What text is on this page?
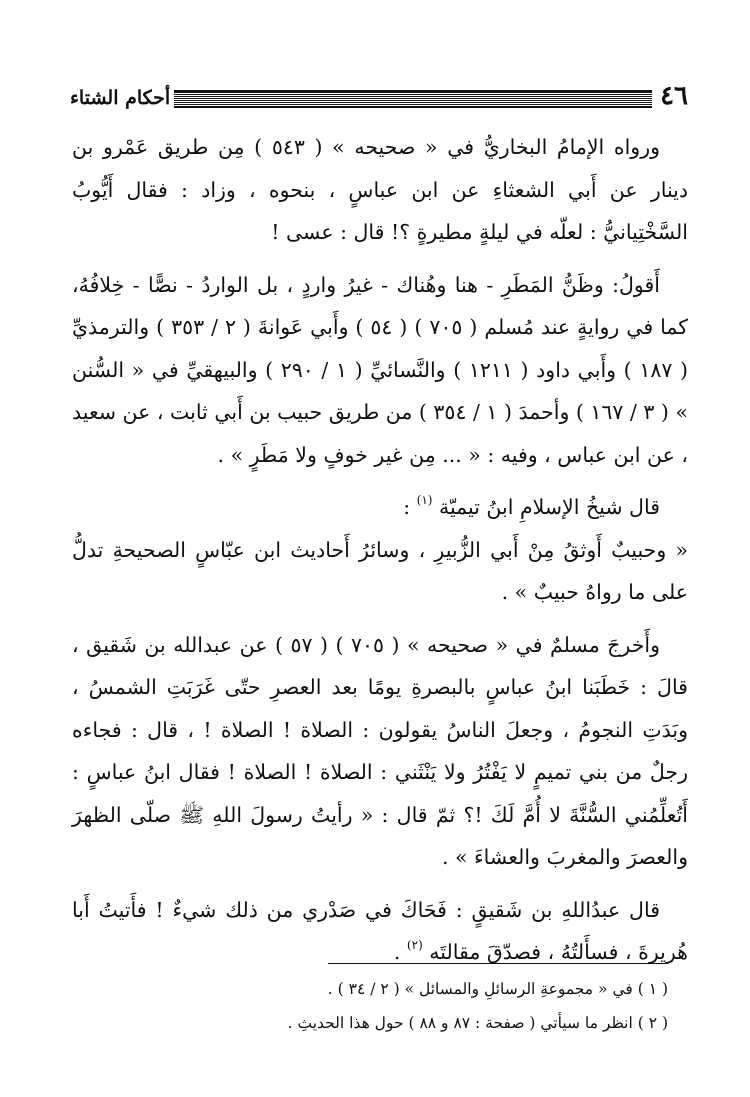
٤٦
أحكام الشتاء

ورواه الإمامُ البخاريُّ في « صحيحه » ( ٥٤٣ ) مِن طريق عَمْرو بن دينار عن أَبي الشعثاءِ عن ابن عباسٍ ، بنحوه ، وزاد : فقال أَيُّوبُ السَّخْتِيانيُّ : لعلّه في ليلةٍ مطيرةٍ ؟! قال : عسى !

أَقولُ: وظَنُّ المَطَرِ - هنا وهُناك - غيرُ واردٍ ، بل الواردُ - نصًّا - خِلافُهُ، كما في روايةٍ عند مُسلم ( ٧٠٥ ) ( ٥٤ ) وأَبي عَوانةَ ( ٢ / ٣٥٣ ) والترمذيِّ ( ١٨٧ ) وأَبي داود ( ١٢١١ ) والنَّسائيِّ ( ١ / ٢٩٠ ) والبيهقيِّ في « السُّنن » ( ٣ / ١٦٧ ) وأحمدَ ( ١ / ٣٥٤ ) من طريق حبيب بن أَبي ثابت ، عن سعيد ، عن ابن عباس ، وفيه : « ... مِن غير خوفٍ ولا مَطَرٍ » .

قال شيخُ الإسلامِ ابنُ تيميّة $^{(١)}$ :

« وحبيبٌ أَوثقُ مِنْ أَبي الزُّبيرِ ، وسائرُ أَحاديث ابن عبّاسٍ الصحيحةِ تدلُّ على ما رواهُ حبيبٌ » .

وأَخرجَ مسلمٌ في « صحيحه » ( ٧٠٥ ) ( ٥٧ ) عن عبدالله بن شَقيق ، قالَ : خَطَبَنا ابنُ عباسٍ بالبصرةِ يومًا بعد العصرِ حتّى غَرَبَتِ الشمسُ ، وبَدَتِ النجومُ ، وجعلَ الناسُ يقولون : الصلاة ! الصلاة ! ، قال : فجاءه رجلٌ من بني تميمٍ لا يَفْتُرُ ولا يَنْثَني : الصلاة ! الصلاة ! فقال ابنُ عباسٍ : أَتُعلِّمُني السُّنَّةَ لا أُمَّ لَكَ !؟ ثمّ قال : « رأيتُ رسولَ اللهِ ﷺ صلّى الظهرَ والعصرَ والمغربَ والعشاءَ » .

قال عبدُاللهِ بن شَقيقٍ : فَحَاكَ في صَدْري من ذلك شيءٌ ! فأَتيتُ أَبا هُريرةَ ، فسأَلتُهُ ، فصدّقَ مقالتَه $^{(٢)}$ .

( ١ ) في « مجموعةِ الرسائلِ والمسائل » ( ٢ / ٣٤ ) .

( ٢ ) انظر ما سيأتي ( صفحة : ٨٧ و ٨٨ ) حول هذا الحديثِ .
